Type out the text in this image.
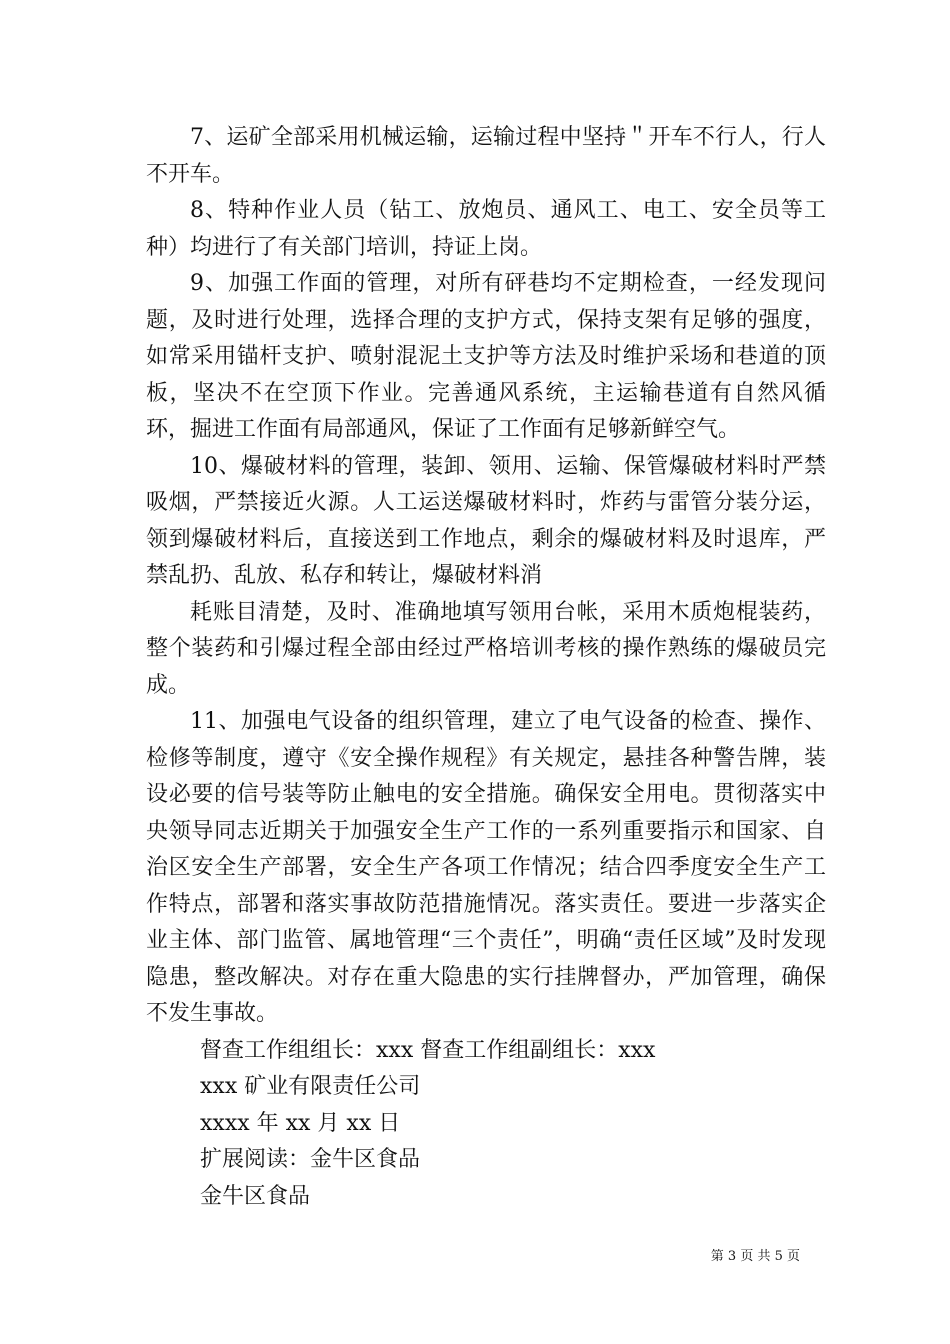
7、运矿全部采用机械运输，运输过程中坚持＂开车不行人，行人不开车。

8、特种作业人员（钻工、放炮员、通风工、电工、安全员等工种）均进行了有关部门培训，持证上岗。

9、加强工作面的管理，对所有砰巷均不定期检查，一经发现问题，及时进行处理，选择合理的支护方式，保持支架有足够的强度，如常采用锚杆支护、喷射混泥土支护等方法及时维护采场和巷道的顶板，坚决不在空顶下作业。完善通风系统，主运输巷道有自然风循环，掘进工作面有局部通风，保证了工作面有足够新鲜空气。

10、爆破材料的管理，装卸、领用、运输、保管爆破材料时严禁吸烟，严禁接近火源。人工运送爆破材料时，炸药与雷管分装分运，领到爆破材料后，直接送到工作地点，剩余的爆破材料及时退库，严禁乱扔、乱放、私存和转让，爆破材料消

耗账目清楚，及时、准确地填写领用台帐，采用木质炮棍装药，整个装药和引爆过程全部由经过严格培训考核的操作熟练的爆破员完成。

11、加强电气设备的组织管理，建立了电气设备的检查、操作、检修等制度，遵守《安全操作规程》有关规定，悬挂各种警告牌，装设必要的信号装等防止触电的安全措施。确保安全用电。贯彻落实中央领导同志近期关于加强安全生产工作的一系列重要指示和国家、自治区安全生产部署，安全生产各项工作情况；结合四季度安全生产工作特点，部署和落实事故防范措施情况。落实责任。要进一步落实企业主体、部门监管、属地管理“三个责任”，明确“责任区域”及时发现隐患，整改解决。对存在重大隐患的实行挂牌督办，严加管理，确保不发生事故。

督查工作组组长：xxx 督查工作组副组长：xxx

xxx 矿业有限责任公司

xxxx 年 xx 月 xx 日

扩展阅读：金牛区食品

金牛区食品

第 3 页 共 5 页
